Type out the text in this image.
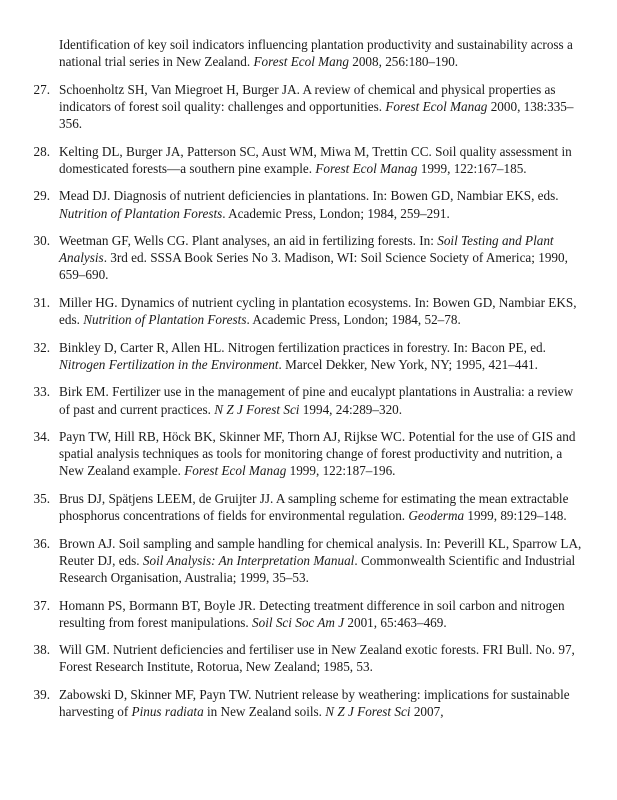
Identification of key soil indicators influencing plantation productivity and sustainability across a national trial series in New Zealand. Forest Ecol Mang 2008, 256:180–190.
27. Schoenholtz SH, Van Miegroet H, Burger JA. A review of chemical and physical properties as indicators of forest soil quality: challenges and opportunities. Forest Ecol Manag 2000, 138:335–356.
28. Kelting DL, Burger JA, Patterson SC, Aust WM, Miwa M, Trettin CC. Soil quality assessment in domesticated forests—a southern pine example. Forest Ecol Manag 1999, 122:167–185.
29. Mead DJ. Diagnosis of nutrient deficiencies in plantations. In: Bowen GD, Nambiar EKS, eds. Nutrition of Plantation Forests. Academic Press, London; 1984, 259–291.
30. Weetman GF, Wells CG. Plant analyses, an aid in fertilizing forests. In: Soil Testing and Plant Analysis. 3rd ed. SSSA Book Series No 3. Madison, WI: Soil Science Society of America; 1990, 659–690.
31. Miller HG. Dynamics of nutrient cycling in plantation ecosystems. In: Bowen GD, Nambiar EKS, eds. Nutrition of Plantation Forests. Academic Press, London; 1984, 52–78.
32. Binkley D, Carter R, Allen HL. Nitrogen fertilization practices in forestry. In: Bacon PE, ed. Nitrogen Fertilization in the Environment. Marcel Dekker, New York, NY; 1995, 421–441.
33. Birk EM. Fertilizer use in the management of pine and eucalypt plantations in Australia: a review of past and current practices. N Z J Forest Sci 1994, 24:289–320.
34. Payn TW, Hill RB, Höck BK, Skinner MF, Thorn AJ, Rijkse WC. Potential for the use of GIS and spatial analysis techniques as tools for monitoring change of forest productivity and nutrition, a New Zealand example. Forest Ecol Manag 1999, 122:187–196.
35. Brus DJ, Spätjens LEEM, de Gruijter JJ. A sampling scheme for estimating the mean extractable phosphorus concentrations of fields for environmental regulation. Geoderma 1999, 89:129–148.
36. Brown AJ. Soil sampling and sample handling for chemical analysis. In: Peverill KL, Sparrow LA, Reuter DJ, eds. Soil Analysis: An Interpretation Manual. Commonwealth Scientific and Industrial Research Organisation, Australia; 1999, 35–53.
37. Homann PS, Bormann BT, Boyle JR. Detecting treatment difference in soil carbon and nitrogen resulting from forest manipulations. Soil Sci Soc Am J 2001, 65:463–469.
38. Will GM. Nutrient deficiencies and fertiliser use in New Zealand exotic forests. FRI Bull. No. 97, Forest Research Institute, Rotorua, New Zealand; 1985, 53.
39. Zabowski D, Skinner MF, Payn TW. Nutrient release by weathering: implications for sustainable harvesting of Pinus radiata in New Zealand soils. N Z J Forest Sci 2007,
